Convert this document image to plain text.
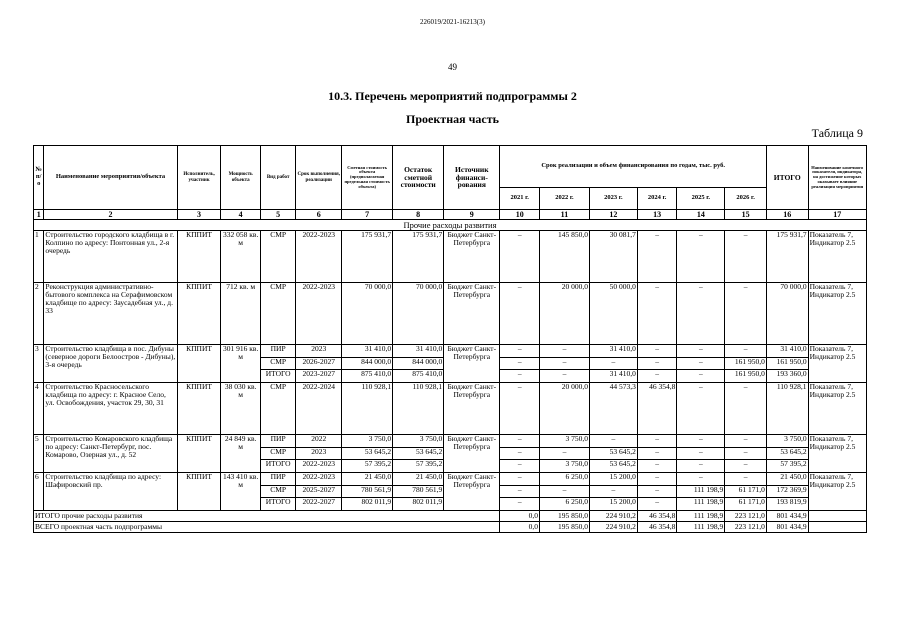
226019/2021-16213(3)
49
10.3. Перечень мероприятий подпрограммы 2
Проектная часть
Таблица 9
№ п/о	Наименование мероприятия/объекта	Исполнитель, участник	Мощность объекта	Вид работ	Срок выполнения, реализации	Сметная стоимость объекта (предполагаемая предельная стоимость объекта)	Остаток сметной стоимости	Источник финанси-рования	Срок реализации и объем финансирования по годам, тыс. руб.						ИТОГО	Наименование конечного показателя, индикатора, на достижение которых оказывает влияние реализация мероприятия
									2021 г.	2022 г.	2023 г.	2024 г.	2025 г.	2026 г.		
1	2	3	4	5	6	7	8	9	10	11	12	13	14	15	16	17
Прочие расходы развития																
1	Строительство городского кладбища в г. Колпино по адресу: Понтонная ул., 2-я очередь	КППИТ	332 058 кв. м	СМР	2022-2023	175 931,7	175 931,7	Бюджет Санкт-Петербурга	–	145 850,0	30 081,7	–	–	–	175 931,7	Показатель 7, Индикатор 2.5
2	Реконструкция административно-бытового комплекса на Серафимовском кладбище по адресу: Заусадебная ул., д. 33	КППИТ	712 кв. м	СМР	2022-2023	70 000,0	70 000,0	Бюджет Санкт-Петербурга	–	20 000,0	50 000,0	–	–	–	70 000,0	Показатель 7, Индикатор 2.5
3	Строительство кладбища в пос. Дибуны (северное дороги Белоостров - Дибуны), 3-я очередь	КППИТ	301 916 кв. м	ПИР	2023	31 410,0	31 410,0	Бюджет Санкт-Петербурга	–	–	31 410,0	–	–	–	31 410,0	Показатель 7, Индикатор 2.5
				СМР	2026-2027	844 000,0	844 000,0		–	–	–	–	–	161 950,0	161 950,0	
				ИТОГО	2023-2027	875 410,0	875 410,0		–	–	31 410,0	–	–	161 950,0	193 360,0	
4	Строительство Красносельского кладбища по адресу: г. Красное Село, ул. Освобождения, участок 29, 30, 31	КППИТ	38 030 кв. м	СМР	2022-2024	110 928,1	110 928,1	Бюджет Санкт-Петербурга	–	20 000,0	44 573,3	46 354,8	–	–	110 928,1	Показатель 7, Индикатор 2.5
5	Строительство Комаровского кладбища по адресу: Санкт-Петербург, пос. Комарово, Озерная ул., д. 52	КППИТ	24 849 кв. м	ПИР	2022	3 750,0	3 750,0	Бюджет Санкт-Петербурга	–	3 750,0	–	–	–	–	3 750,0	Показатель 7, Индикатор 2.5
				СМР	2023	53 645,2	53 645,2		–	–	53 645,2	–	–	–	53 645,2	
				ИТОГО	2022-2023	57 395,2	57 395,2		–	3 750,0	53 645,2	–	–	–	57 395,2	
6	Строительство кладбища по адресу: Шафировский пр.	КППИТ	143 410 кв. м	ПИР	2022-2023	21 450,0	21 450,0	Бюджет Санкт-Петербурга	–	6 250,0	15 200,0	–	–	–	21 450,0	Показатель 7, Индикатор 2.5
				СМР	2025-2027	780 561,9	780 561,9		–	–	–	–	111 198,9	61 171,0	172 369,9	
				ИТОГО	2022-2027	802 011,9	802 011,9		–	6 250,0	15 200,0	–	111 198,9	61 171,0	193 819,9	
ИТОГО прочие расходы развития									0,0	195 850,0	224 910,2	46 354,8	111 198,9	223 121,0	801 434,9	
ВСЕГО проектная часть подпрограммы									0,0	195 850,0	224 910,2	46 354,8	111 198,9	223 121,0	801 434,9	
